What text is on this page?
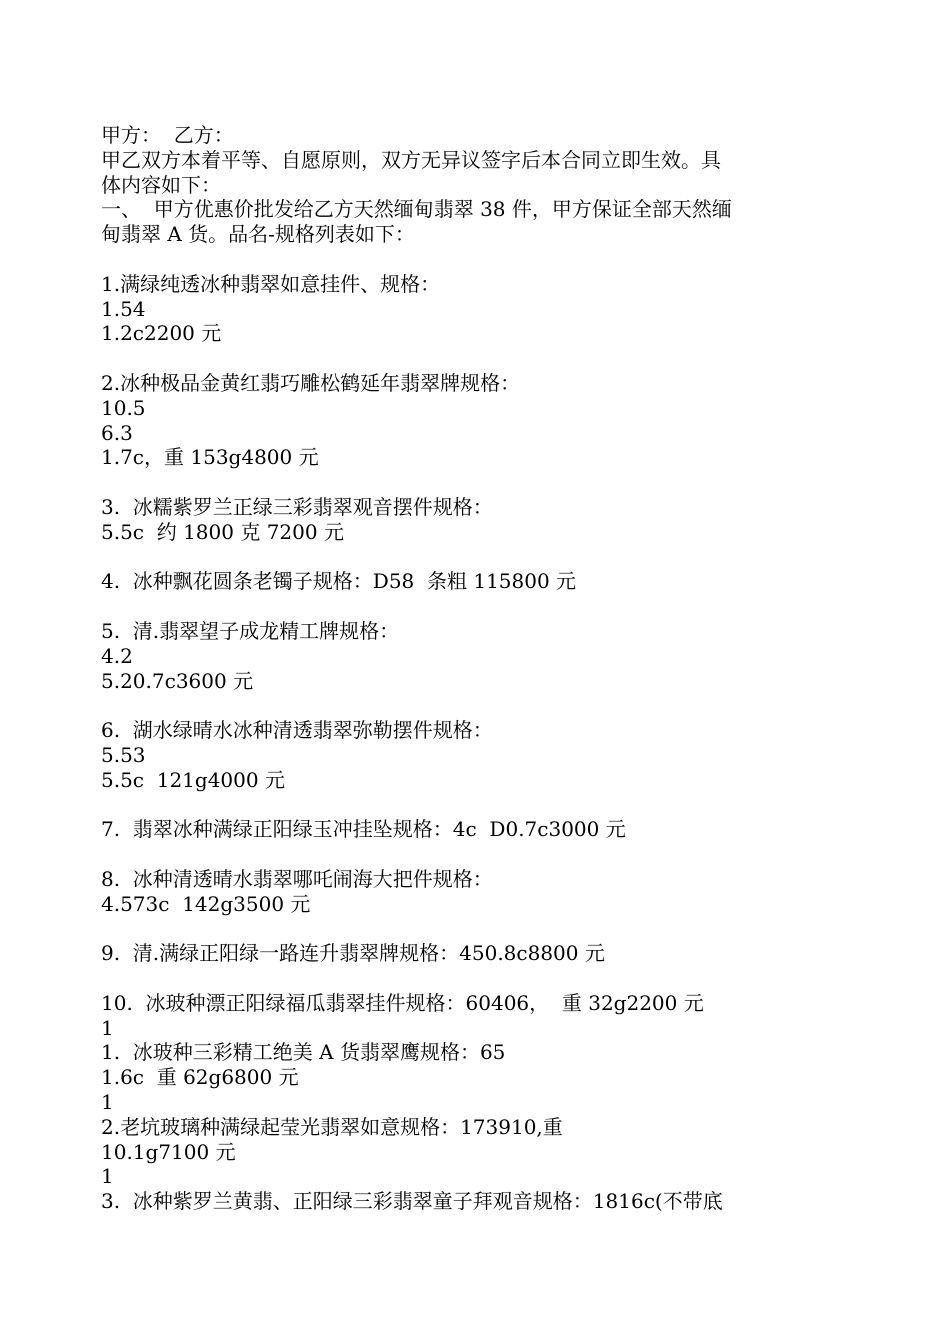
甲方：  乙方：
甲乙双方本着平等、自愿原则，双方无异议签字后本合同立即生效。具
体内容如下：
一、  甲方优惠价批发给乙方天然缅甸翡翠 38 件，甲方保证全部天然缅
甸翡翠 A 货。品名-规格列表如下：
1.满绿纯透冰种翡翠如意挂件、规格：
1.54
1.2c2200 元
2.冰种极品金黄红翡巧雕松鹤延年翡翠牌规格：
10.5
6.3
1.7c，重 153g4800 元
3.  冰糯紫罗兰正绿三彩翡翠观音摆件规格：
5.5c  约 1800 克 7200 元
4.  冰种飘花圆条老镯子规格：D58  条粗 115800 元
5.  清.翡翠望子成龙精工牌规格：
4.2
5.20.7c3600 元
6.  湖水绿晴水冰种清透翡翠弥勒摆件规格：
5.53
5.5c  121g4000 元
7.  翡翠冰种满绿正阳绿玉冲挂坠规格：4c  D0.7c3000 元
8.  冰种清透晴水翡翠哪吒闹海大把件规格：
4.573c  142g3500 元
9.  清.满绿正阳绿一路连升翡翠牌规格：450.8c8800 元
10.  冰玻种漂正阳绿福瓜翡翠挂件规格：60406，  重 32g2200 元
1
1.  冰玻种三彩精工绝美 A 货翡翠鹰规格：65
1.6c  重 62g6800 元
1
2.老坑玻璃种满绿起莹光翡翠如意规格：173910,重
10.1g7100 元
1
3.  冰种紫罗兰黄翡、正阳绿三彩翡翠童子拜观音规格：1816c(不带底
